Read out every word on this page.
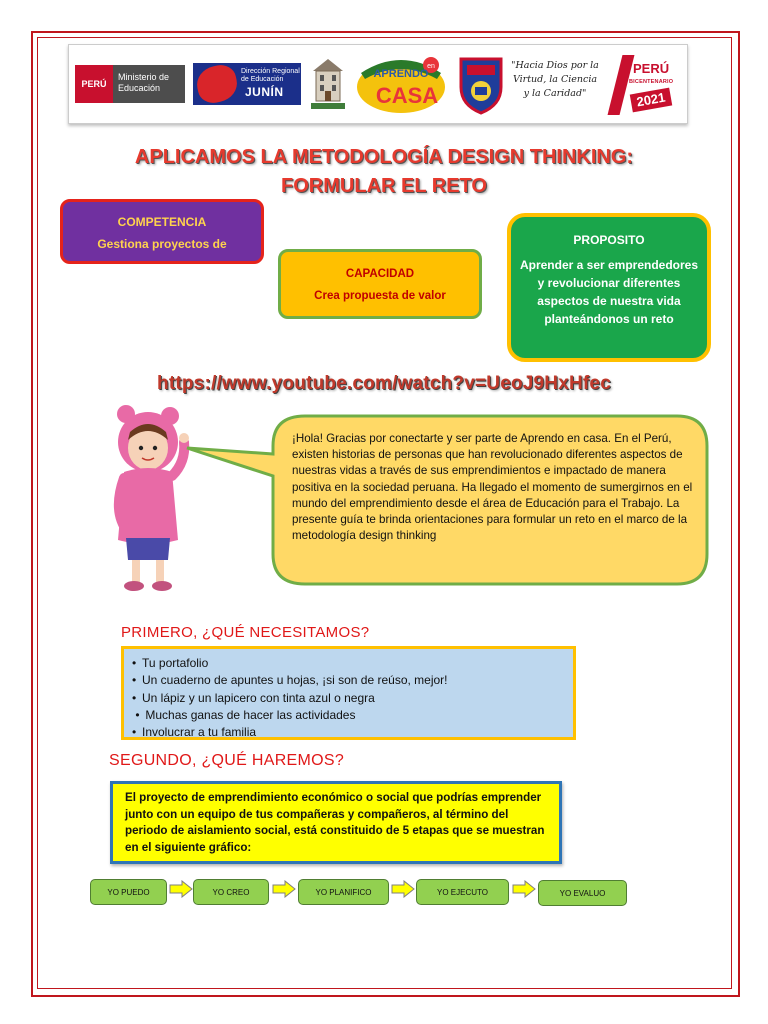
PERÚ
Ministerio de Educación
Dirección Regional de Educación
JUNÍN
APRENDO
en
CASA
"Hacia Dios por la Virtud, la Ciencia y la Caridad"
PERÚ
BICENTENARIO
2021
APLICAMOS LA METODOLOGÍA DESIGN THINKING:
FORMULAR EL RETO
COMPETENCIA
Gestiona proyectos de
CAPACIDAD
Crea propuesta de valor
PROPOSITO
Aprender a ser emprendedores y revolucionar diferentes aspectos de nuestra vida planteándonos un reto
https://www.youtube.com/watch?v=UeoJ9HxHfec
¡Hola! Gracias por conectarte y ser parte de Aprendo en casa. En el Perú, existen historias de personas que han revolucionado diferentes aspectos de nuestras vidas a través de sus emprendimientos e impactado de manera positiva en la sociedad peruana. Ha llegado el momento de sumergirnos en el mundo del emprendimiento desde el área de Educación para el Trabajo. La presente guía te brinda orientaciones para formular un reto en el marco de la metodología design thinking
PRIMERO, ¿QUÉ NECESITAMOS?
• Tu portafolio
• Un cuaderno de apuntes u hojas, ¡si son de reúso, mejor!
• Un lápiz y un lapicero con tinta azul o negra
• Muchas ganas de hacer las actividades
• Involucrar a tu familia
SEGUNDO, ¿QUÉ HAREMOS?
El proyecto de emprendimiento económico o social que podrías emprender junto con un equipo de tus compañeras y compañeros, al término del periodo de aislamiento social, está constituido de 5 etapas que se muestran en el siguiente gráfico:
YO PUEDO	YO CREO	YO PLANIFICO	YO EJECUTO	YO EVALUO
